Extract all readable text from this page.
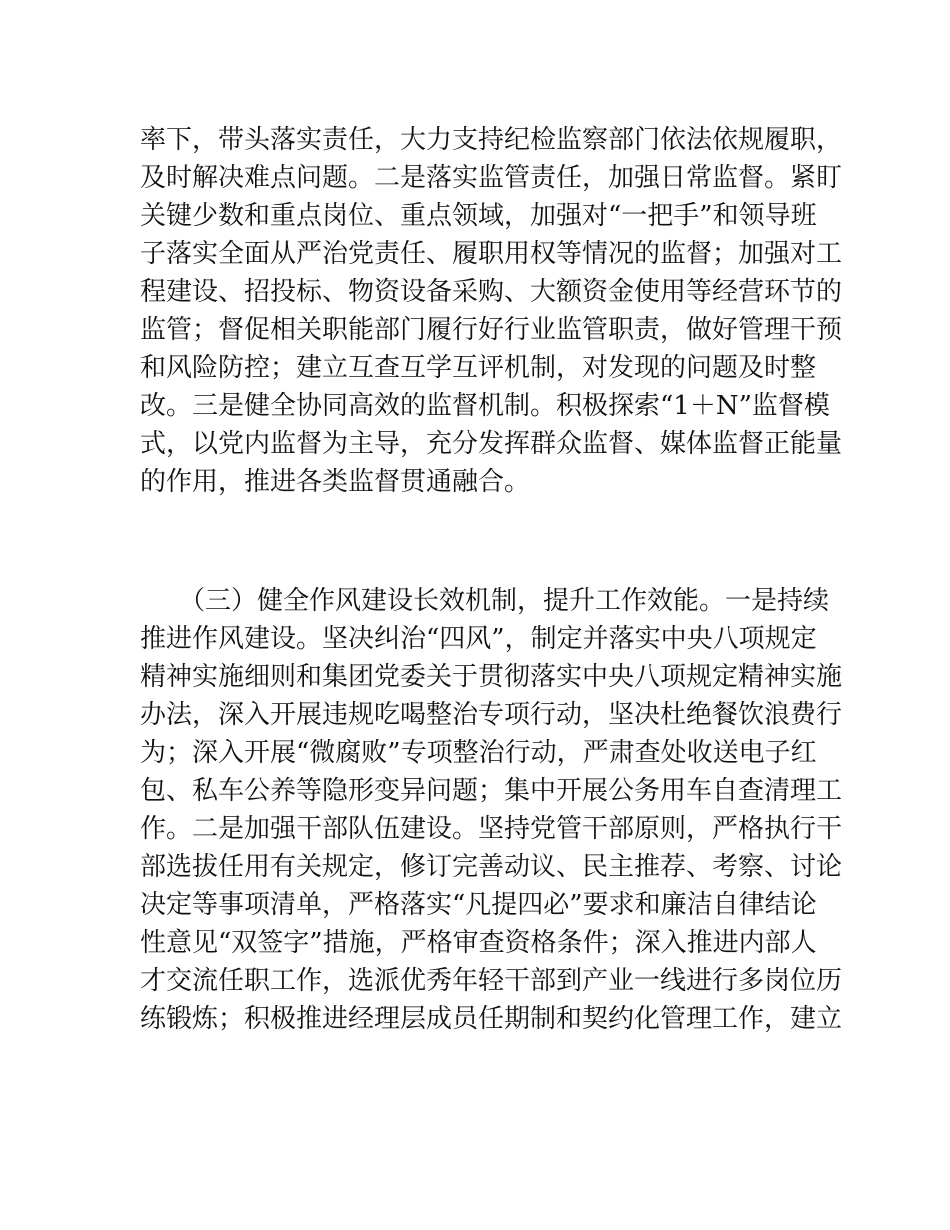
率下，带头落实责任，大力支持纪检监察部门依法依规履职，
及时解决难点问题。二是落实监管责任，加强日常监督。紧盯
关键少数和重点岗位、重点领域，加强对“一把手”和领导班
子落实全面从严治党责任、履职用权等情况的监督；加强对工
程建设、招投标、物资设备采购、大额资金使用等经营环节的
监管；督促相关职能部门履行好行业监管职责，做好管理干预
和风险防控；建立互查互学互评机制，对发现的问题及时整
改。三是健全协同高效的监督机制。积极探索“1＋N”监督模
式，以党内监督为主导，充分发挥群众监督、媒体监督正能量
的作用，推进各类监督贯通融合。
　　（三）健全作风建设长效机制，提升工作效能。一是持续
推进作风建设。坚决纠治“四风”，制定并落实中央八项规定
精神实施细则和集团党委关于贯彻落实中央八项规定精神实施
办法，深入开展违规吃喝整治专项行动，坚决杜绝餐饮浪费行
为；深入开展“微腐败”专项整治行动，严肃查处收送电子红
包、私车公养等隐形变异问题；集中开展公务用车自查清理工
作。二是加强干部队伍建设。坚持党管干部原则，严格执行干
部选拔任用有关规定，修订完善动议、民主推荐、考察、讨论
决定等事项清单，严格落实“凡提四必”要求和廉洁自律结论
性意见“双签字”措施，严格审查资格条件；深入推进内部人
才交流任职工作，选派优秀年轻干部到产业一线进行多岗位历
练锻炼；积极推进经理层成员任期制和契约化管理工作，建立
